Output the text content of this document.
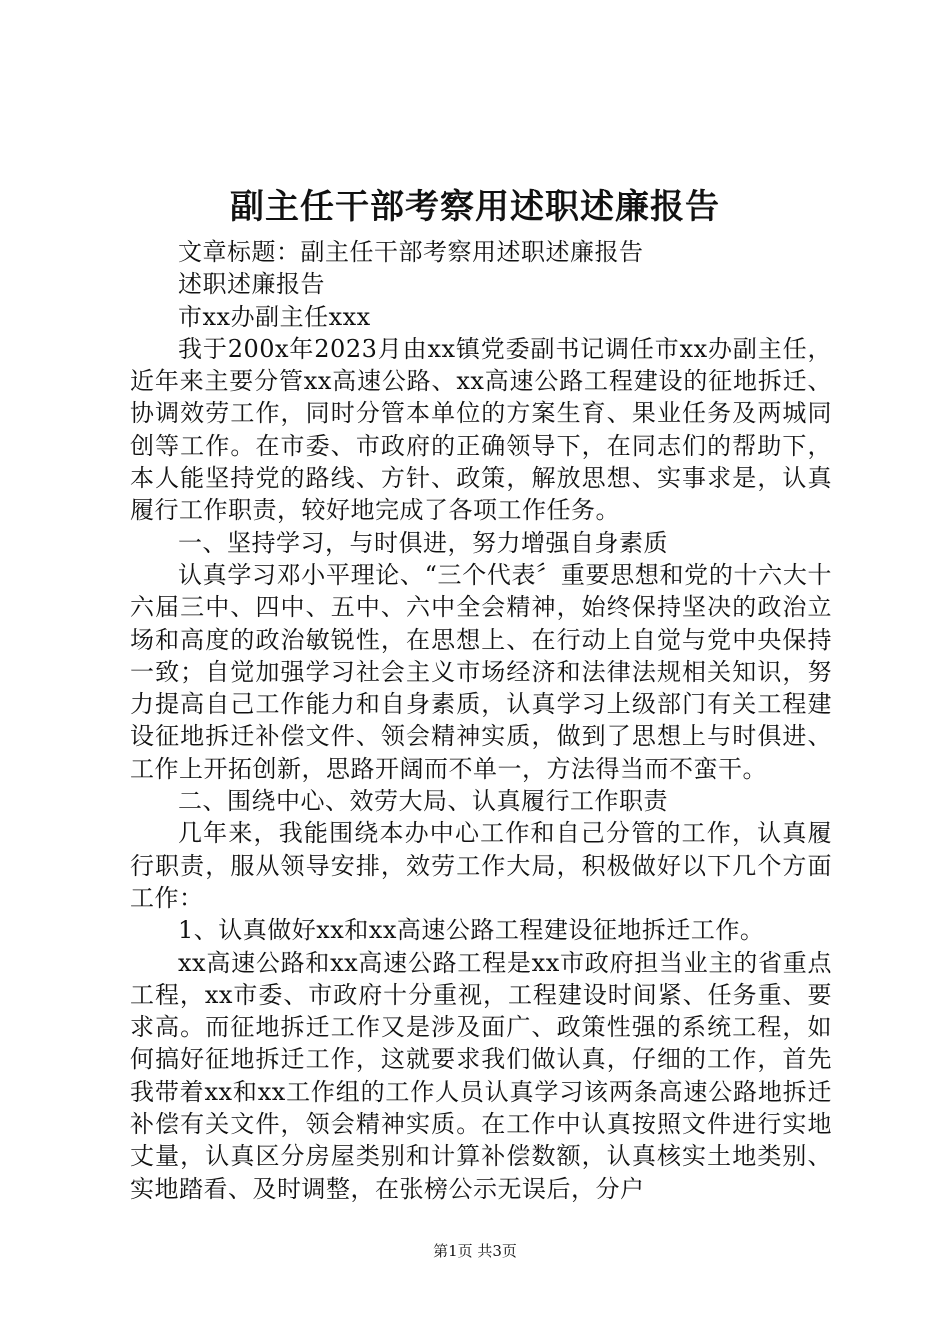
副主任干部考察用述职述廉报告

文章标题：副主任干部考察用述职述廉报告

述职述廉报告

市xx办副主任xxx

我于200x年2023月由xx镇党委副书记调任市xx办副主任，近年来主要分管xx高速公路、xx高速公路工程建设的征地拆迁、协调效劳工作，同时分管本单位的方案生育、果业任务及两城同创等工作。在市委、市政府的正确领导下，在同志们的帮助下，本人能坚持党的路线、方针、政策，解放思想、实事求是，认真履行工作职责，较好地完成了各项工作任务。

一、坚持学习，与时俱进，努力增强自身素质

认真学习邓小平理论、“三个代表〞重要思想和党的十六大十六届三中、四中、五中、六中全会精神，始终保持坚决的政治立场和高度的政治敏锐性，在思想上、在行动上自觉与党中央保持一致；自觉加强学习社会主义市场经济和法律法规相关知识，努力提高自己工作能力和自身素质，认真学习上级部门有关工程建设征地拆迁补偿文件、领会精神实质，做到了思想上与时俱进、工作上开拓创新，思路开阔而不单一，方法得当而不蛮干。

二、围绕中心、效劳大局、认真履行工作职责

几年来，我能围绕本办中心工作和自己分管的工作，认真履行职责，服从领导安排，效劳工作大局，积极做好以下几个方面工作：

1、认真做好xx和xx高速公路工程建设征地拆迁工作。

xx高速公路和xx高速公路工程是xx市政府担当业主的省重点工程，xx市委、市政府十分重视，工程建设时间紧、任务重、要求高。而征地拆迁工作又是涉及面广、政策性强的系统工程，如何搞好征地拆迁工作，这就要求我们做认真，仔细的工作，首先我带着xx和xx工作组的工作人员认真学习该两条高速公路地拆迁补偿有关文件，领会精神实质。在工作中认真按照文件进行实地丈量，认真区分房屋类别和计算补偿数额，认真核实土地类别、实地踏看、及时调整，在张榜公示无误后，分户

第1页 共3页
